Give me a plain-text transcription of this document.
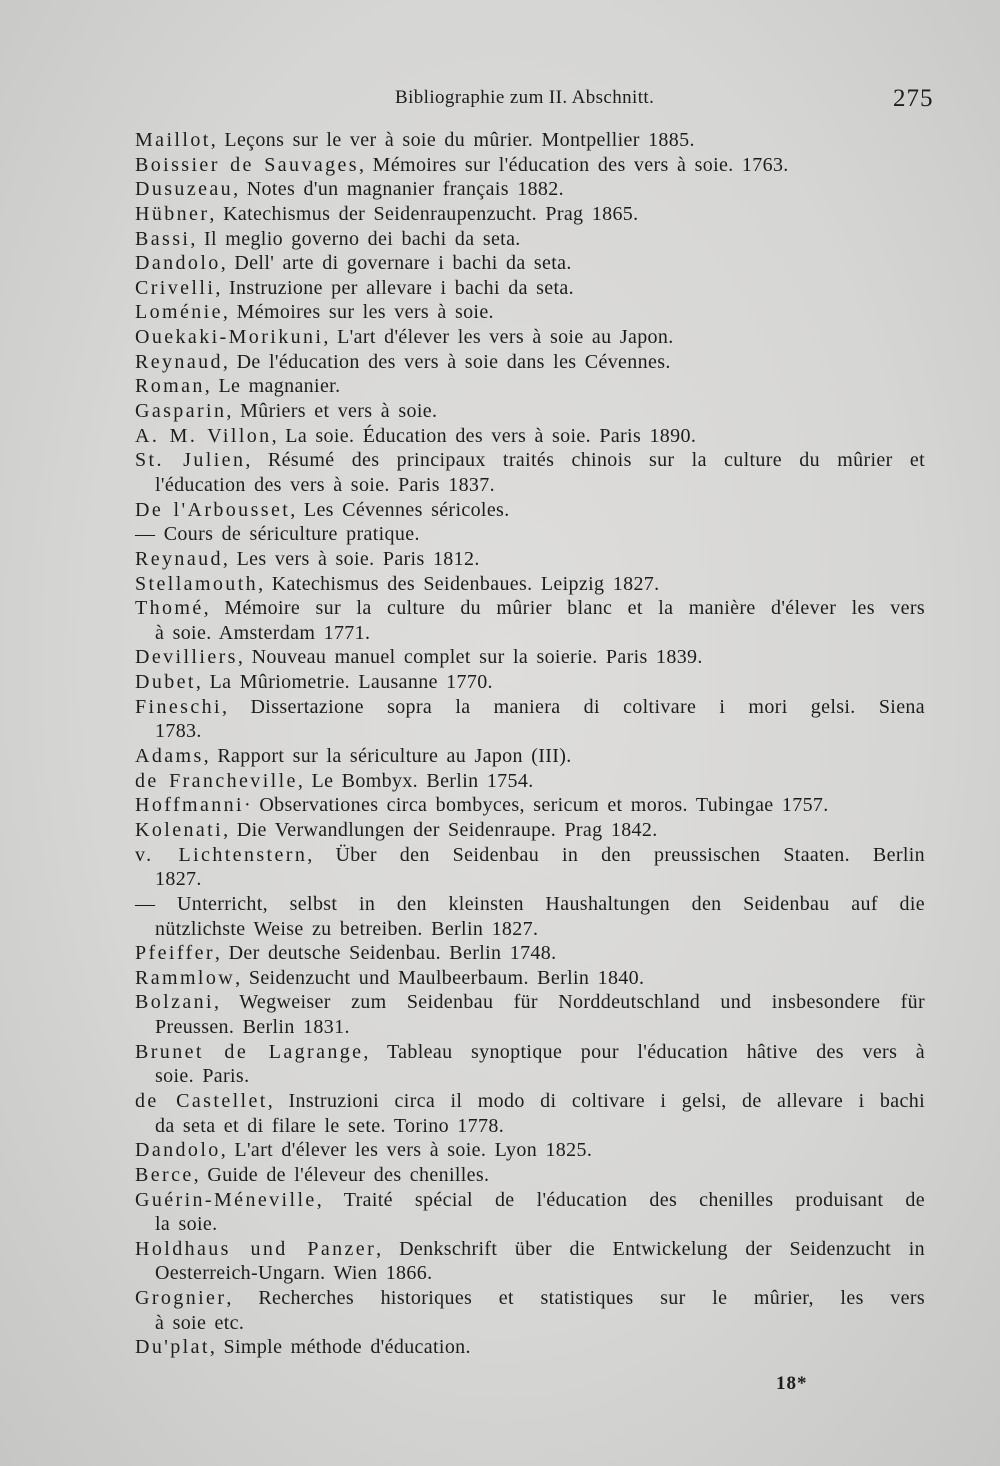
Bibliographie zum II. Abschnitt.	275
Maillot, Leçons sur le ver à soie du mûrier. Montpellier 1885.
Boissier de Sauvages, Mémoires sur l'éducation des vers à soie. 1763.
Dusuzeau, Notes d'un magnanier français 1882.
Hübner, Katechismus der Seidenraupenzucht. Prag 1865.
Bassi, Il meglio governo dei bachi da seta.
Dandolo, Dell' arte di governare i bachi da seta.
Crivelli, Instruzione per allevare i bachi da seta.
Loménie, Mémoires sur les vers à soie.
Ouekaki-Morikuni, L'art d'élever les vers à soie au Japon.
Reynaud, De l'éducation des vers à soie dans les Cévennes.
Roman, Le magnanier.
Gasparin, Mûriers et vers à soie.
A. M. Villon, La soie. Éducation des vers à soie. Paris 1890.
St. Julien, Résumé des principaux traités chinois sur la culture du mûrier et
l'éducation des vers à soie. Paris 1837.
De l'Arbousset, Les Cévennes séricoles.
— Cours de sériculture pratique.
Reynaud, Les vers à soie. Paris 1812.
Stellamouth, Katechismus des Seidenbaues. Leipzig 1827.
Thomé, Mémoire sur la culture du mûrier blanc et la manière d'élever les vers
à soie. Amsterdam 1771.
Devilliers, Nouveau manuel complet sur la soierie. Paris 1839.
Dubet, La Mûriometrie. Lausanne 1770.
Fineschi, Dissertazione sopra la maniera di coltivare i mori gelsi. Siena
1783.
Adams, Rapport sur la sériculture au Japon (III).
de Francheville, Le Bombyx. Berlin 1754.
Hoffmanni· Observationes circa bombyces, sericum et moros. Tubingae 1757.
Kolenati, Die Verwandlungen der Seidenraupe. Prag 1842.
v. Lichtenstern, Über den Seidenbau in den preussischen Staaten. Berlin
1827.
— Unterricht, selbst in den kleinsten Haushaltungen den Seidenbau auf die
nützlichste Weise zu betreiben. Berlin 1827.
Pfeiffer, Der deutsche Seidenbau. Berlin 1748.
Rammlow, Seidenzucht und Maulbeerbaum. Berlin 1840.
Bolzani, Wegweiser zum Seidenbau für Norddeutschland und insbesondere für
Preussen. Berlin 1831.
Brunet de Lagrange, Tableau synoptique pour l'éducation hâtive des vers à
soie. Paris.
de Castellet, Instruzioni circa il modo di coltivare i gelsi, de allevare i bachi
da seta et di filare le sete. Torino 1778.
Dandolo, L'art d'élever les vers à soie. Lyon 1825.
Berce, Guide de l'éleveur des chenilles.
Guérin-Méneville, Traité spécial de l'éducation des chenilles produisant de
la soie.
Holdhaus und Panzer, Denkschrift über die Entwickelung der Seidenzucht in
Oesterreich-Ungarn. Wien 1866.
Grognier, Recherches historiques et statistiques sur le mûrier, les vers
à soie etc.
Du'plat, Simple méthode d'éducation.
18*
